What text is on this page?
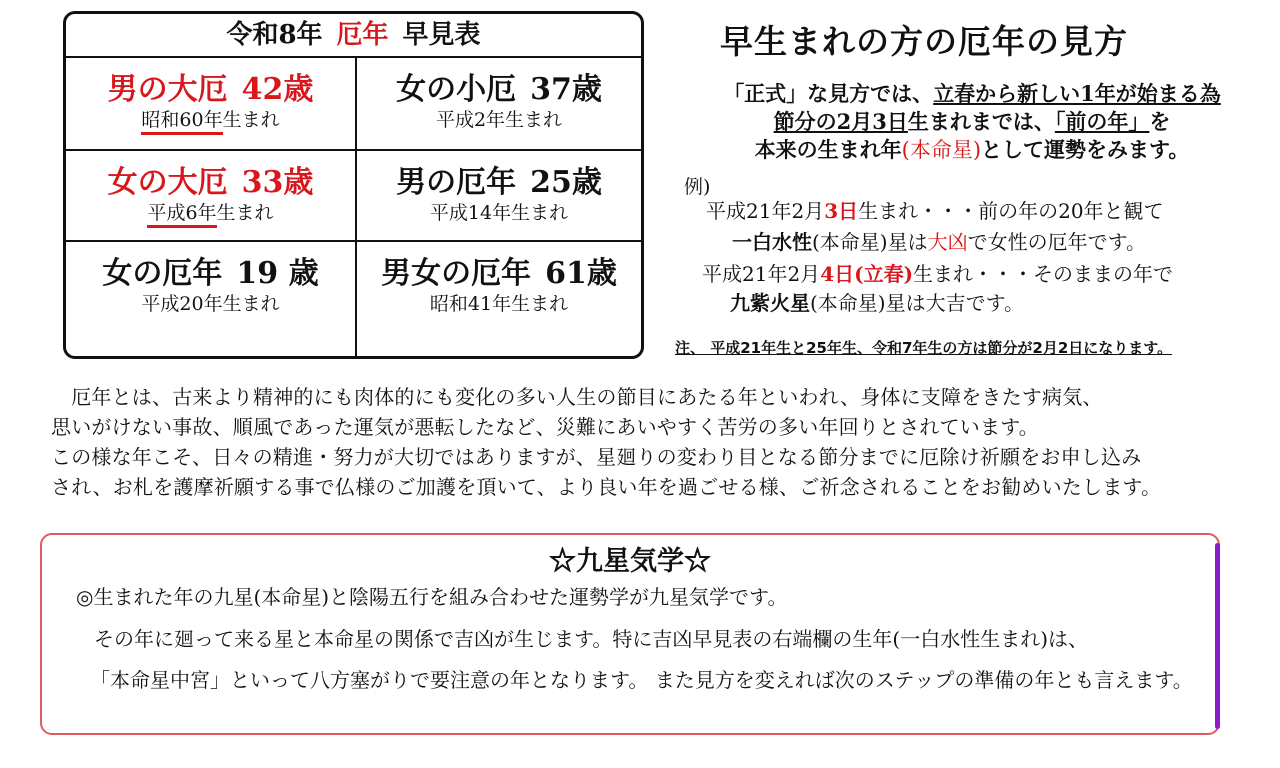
令和8年 厄年 早見表
男の大厄 42歳
昭和60年生まれ
女の小厄 37歳
平成2年生まれ
女の大厄 33歳
平成6年生まれ
男の厄年 25歳
平成14年生まれ
女の厄年 19 歳
平成20年生まれ
男女の厄年 61歳
昭和41年生まれ
早生まれの方の厄年の見方
「正式」な見方では、立春から新しい1年が始まる為
節分の2月3日生まれまでは、「前の年」を
本来の生まれ年(本命星)として運勢をみます。
例)
平成21年2月3日生まれ・・・前の年の20年と観て
一白水性(本命星)星は大凶で女性の厄年です。
平成21年2月4日(立春)生まれ・・・そのままの年で
九紫火星(本命星)星は大吉です。
注、 平成21年生と25年生、令和7年生の方は節分が2月2日になります。

　厄年とは、古来より精神的にも肉体的にも変化の多い人生の節目にあたる年といわれ、身体に支障をきたす病気、

思いがけない事故、順風であった運気が悪転したなど、災難にあいやすく苦労の多い年回りとされています。

この様な年こそ、日々の精進・努力が大切ではありますが、星廻りの変わり目となる節分までに厄除け祈願をお申し込み

され、お札を護摩祈願する事で仏様のご加護を頂いて、より良い年を過ごせる様、ご祈念されることをお勧めいたします。

☆九星気学☆
◎生まれた年の九星(本命星)と陰陽五行を組み合わせた運勢学が九星気学です。
その年に廻って来る星と本命星の関係で吉凶が生じます。特に吉凶早見表の右端欄の生年(一白水性生まれ)は、
「本命星中宮」といって八方塞がりで要注意の年となります。 また見方を変えれば次のステップの準備の年とも言えます。
